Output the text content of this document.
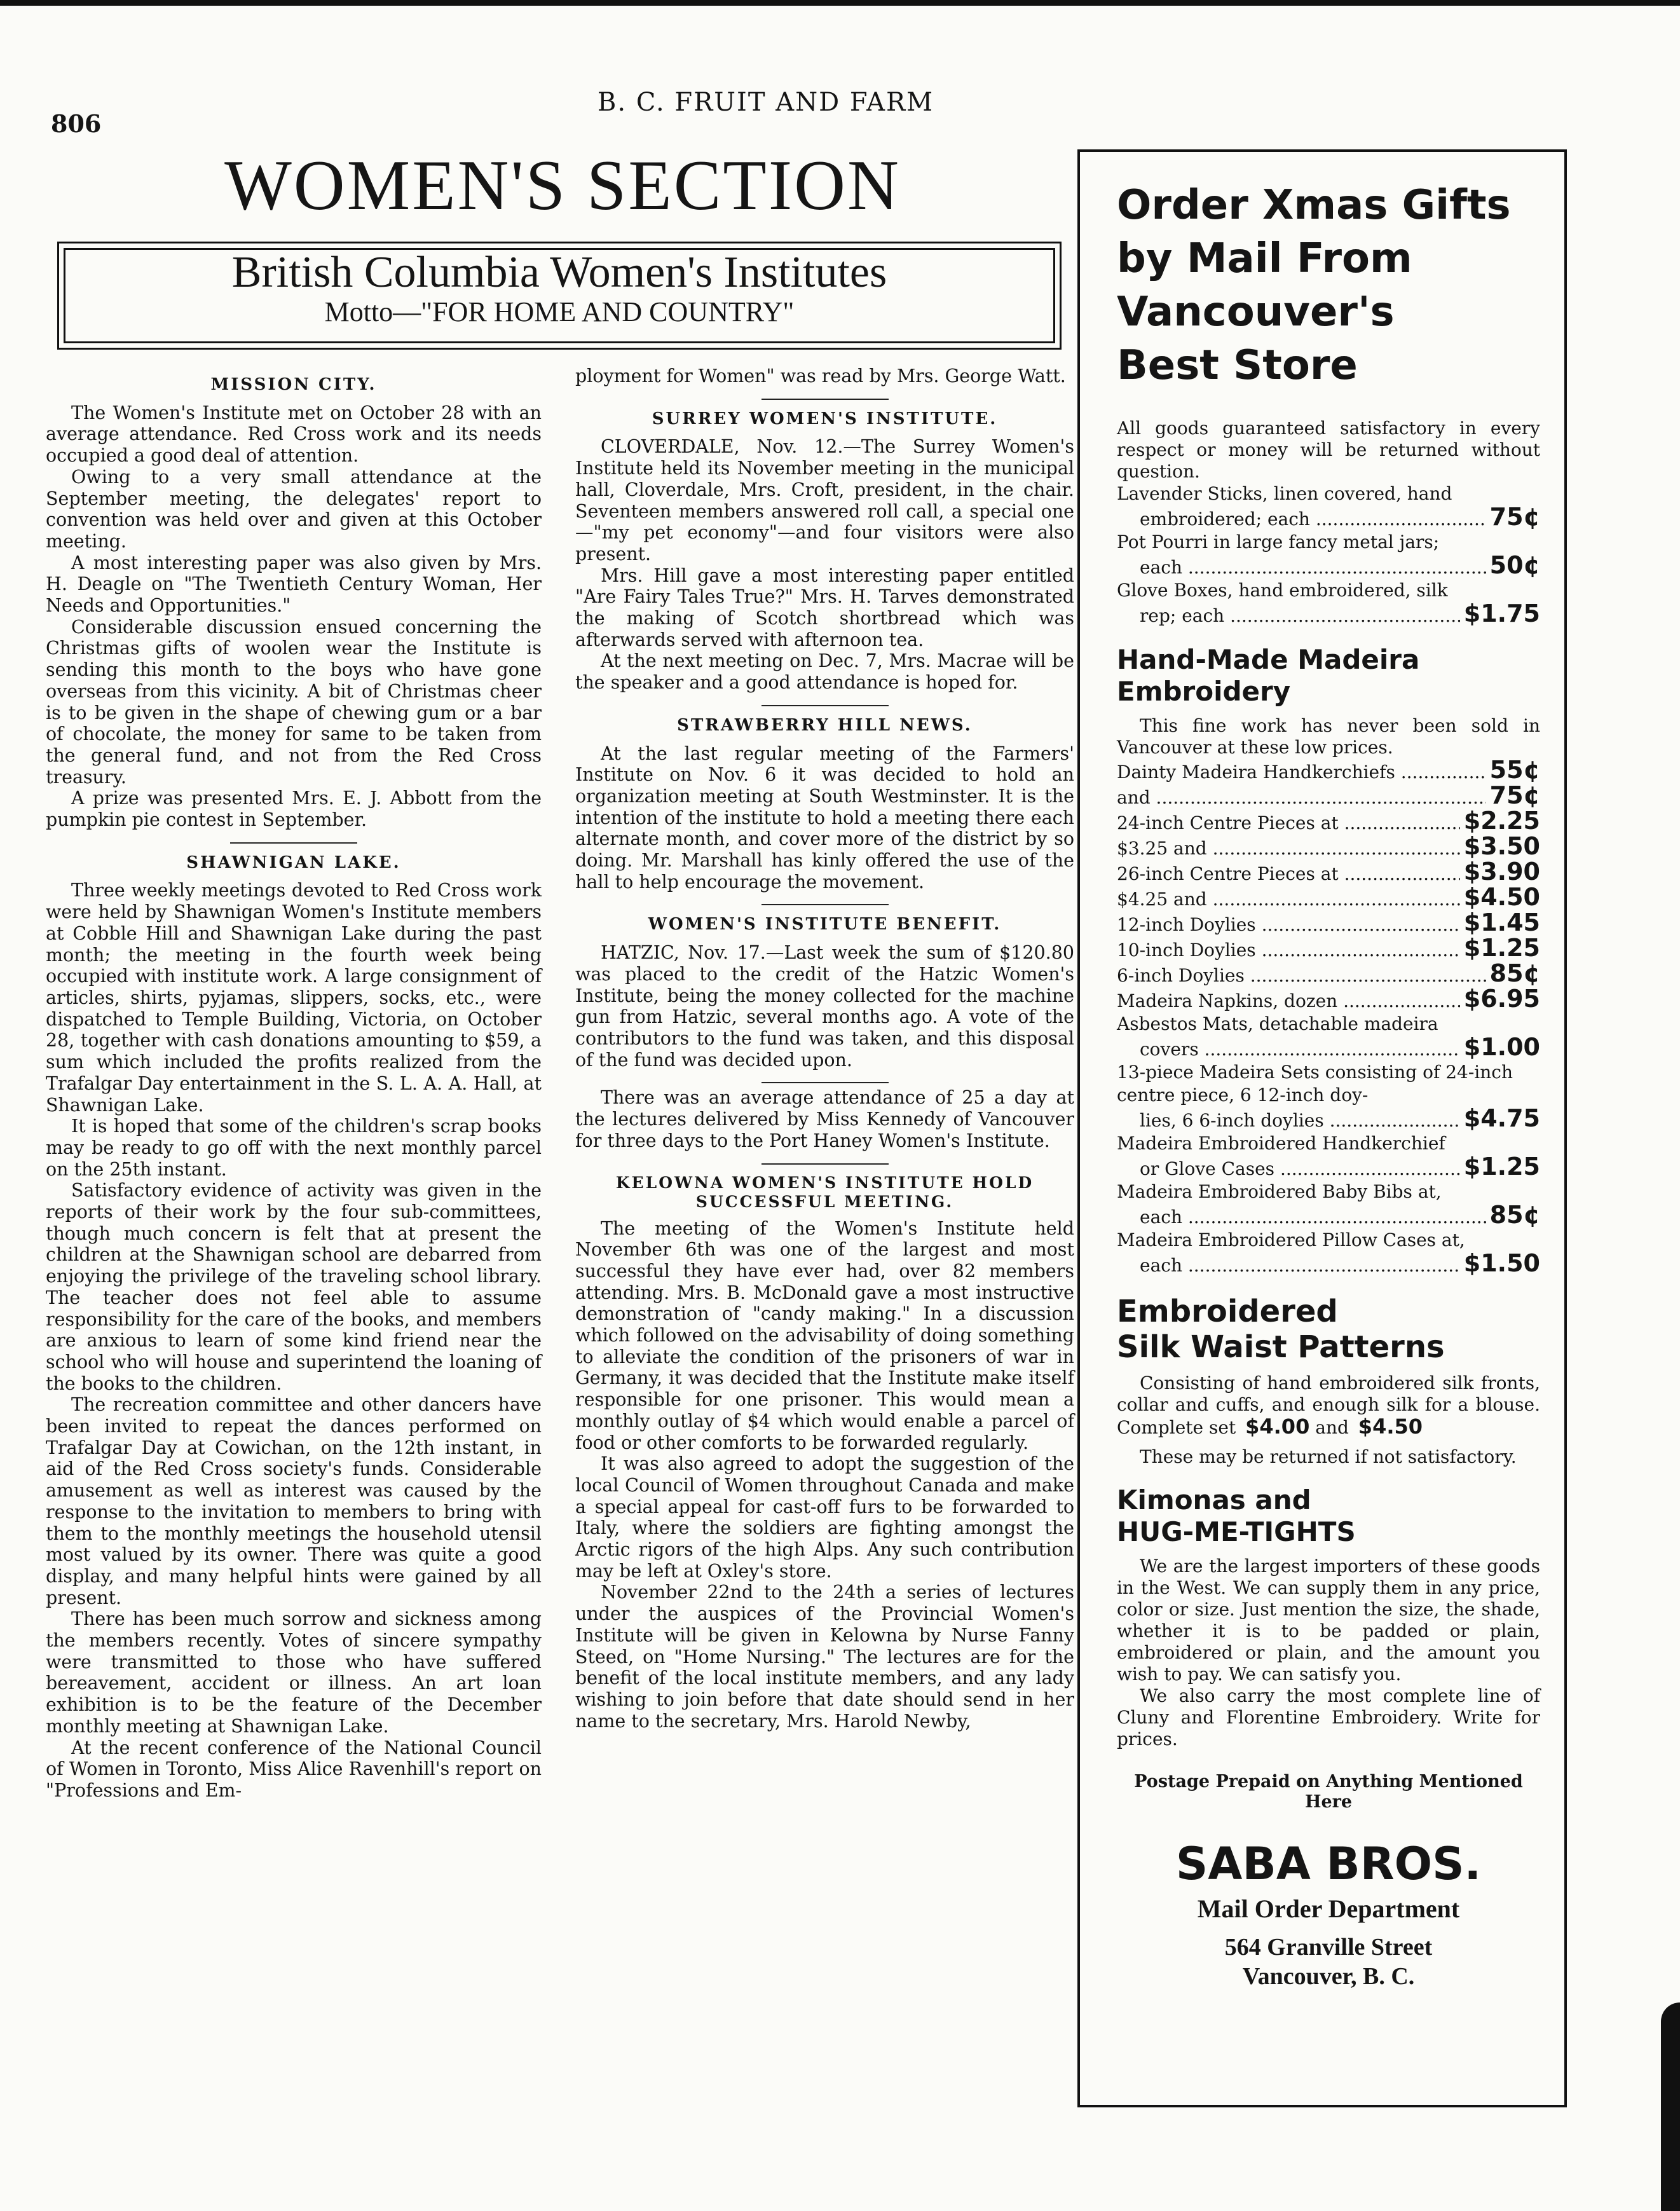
806
B. C. FRUIT AND FARM
WOMEN'S SECTION
British Columbia Women's Institutes
Motto—"FOR HOME AND COUNTRY"
MISSION CITY.

The Women's Institute met on October 28 with an average attendance. Red Cross work and its needs occupied a good deal of attention.

Owing to a very small attendance at the September meeting, the delegates' report to convention was held over and given at this October meeting.

A most interesting paper was also given by Mrs. H. Deagle on "The Twentieth Century Woman, Her Needs and Opportunities."

Considerable discussion ensued concerning the Christmas gifts of woolen wear the Institute is sending this month to the boys who have gone overseas from this vicinity. A bit of Christmas cheer is to be given in the shape of chewing gum or a bar of chocolate, the money for same to be taken from the general fund, and not from the Red Cross treasury.

A prize was presented Mrs. E. J. Abbott from the pumpkin pie contest in September.

SHAWNIGAN LAKE.

Three weekly meetings devoted to Red Cross work were held by Shawnigan Women's Institute members at Cobble Hill and Shawnigan Lake during the past month; the meeting in the fourth week being occupied with institute work. A large consignment of articles, shirts, pyjamas, slippers, socks, etc., were dispatched to Temple Building, Victoria, on October 28, together with cash donations amounting to $59, a sum which included the profits realized from the Trafalgar Day entertainment in the S. L. A. A. Hall, at Shawnigan Lake.

It is hoped that some of the children's scrap books may be ready to go off with the next monthly parcel on the 25th instant.

Satisfactory evidence of activity was given in the reports of their work by the four sub-committees, though much concern is felt that at present the children at the Shawnigan school are debarred from enjoying the privilege of the traveling school library. The teacher does not feel able to assume responsibility for the care of the books, and members are anxious to learn of some kind friend near the school who will house and superintend the loaning of the books to the children.

The recreation committee and other dancers have been invited to repeat the dances performed on Trafalgar Day at Cowichan, on the 12th instant, in aid of the Red Cross society's funds. Considerable amusement as well as interest was caused by the response to the invitation to members to bring with them to the monthly meetings the household utensil most valued by its owner. There was quite a good display, and many helpful hints were gained by all present.

There has been much sorrow and sickness among the members recently. Votes of sincere sympathy were transmitted to those who have suffered bereavement, accident or illness. An art loan exhibition is to be the feature of the December monthly meeting at Shawnigan Lake.

At the recent conference of the National Council of Women in Toronto, Miss Alice Ravenhill's report on "Professions and Em-

ployment for Women" was read by Mrs. George Watt.

SURREY WOMEN'S INSTITUTE.

CLOVERDALE, Nov. 12.—The Surrey Women's Institute held its November meeting in the municipal hall, Cloverdale, Mrs. Croft, president, in the chair. Seventeen members answered roll call, a special one —"my pet economy"—and four visitors were also present.

Mrs. Hill gave a most interesting paper entitled "Are Fairy Tales True?" Mrs. H. Tarves demonstrated the making of Scotch shortbread which was afterwards served with afternoon tea.

At the next meeting on Dec. 7, Mrs. Macrae will be the speaker and a good attendance is hoped for.

STRAWBERRY HILL NEWS.

At the last regular meeting of the Farmers' Institute on Nov. 6 it was decided to hold an organization meeting at South Westminster. It is the intention of the institute to hold a meeting there each alternate month, and cover more of the district by so doing. Mr. Marshall has kinly offered the use of the hall to help encourage the movement.

WOMEN'S INSTITUTE BENEFIT.

HATZIC, Nov. 17.—Last week the sum of $120.80 was placed to the credit of the Hatzic Women's Institute, being the money collected for the machine gun from Hatzic, several months ago. A vote of the contributors to the fund was taken, and this disposal of the fund was decided upon.

There was an average attendance of 25 a day at the lectures delivered by Miss Kennedy of Vancouver for three days to the Port Haney Women's Institute.

KELOWNA WOMEN'S INSTITUTE HOLD SUCCESSFUL MEETING.

The meeting of the Women's Institute held November 6th was one of the largest and most successful they have ever had, over 82 members attending. Mrs. B. McDonald gave a most instructive demonstration of "candy making." In a discussion which followed on the advisability of doing something to alleviate the condition of the prisoners of war in Germany, it was decided that the Institute make itself responsible for one prisoner. This would mean a monthly outlay of $4 which would enable a parcel of food or other comforts to be forwarded regularly.

It was also agreed to adopt the suggestion of the local Council of Women throughout Canada and make a special appeal for cast-off furs to be forwarded to Italy, where the soldiers are fighting amongst the Arctic rigors of the high Alps. Any such contribution may be left at Oxley's store.

November 22nd to the 24th a series of lectures under the auspices of the Provincial Women's Institute will be given in Kelowna by Nurse Fanny Steed, on "Home Nursing." The lectures are for the benefit of the local institute members, and any lady wishing to join before that date should send in her name to the secretary, Mrs. Harold Newby,

Order Xmas Gifts
by Mail From
Vancouver's
Best Store
All goods guaranteed satisfactory in every respect or money will be returned without question.
Lavender Sticks, linen covered, hand
embroidered; each .....	75¢
Pot Pourri in large fancy metal jars;
each .....	50¢
Glove Boxes, hand embroidered, silk
rep; each .....	$1.75
Hand-Made Madeira
Embroidery
This fine work has never been sold in Vancouver at these low prices.
Dainty Madeira Handkerchiefs .....	55¢
and .....	75¢
24-inch Centre Pieces at .....	$2.25
$3.25 and .....	$3.50
26-inch Centre Pieces at .....	$3.90
$4.25 and .....	$4.50
12-inch Doylies .....	$1.45
10-inch Doylies .....	$1.25
6-inch Doylies .....	85¢
Madeira Napkins, dozen .....	$6.95
Asbestos Mats, detachable madeira
covers .....	$1.00
13-piece Madeira Sets consisting of 24-inch centre piece, 6 12-inch doy-
lies, 6 6-inch doylies .....	$4.75
Madeira Embroidered Handkerchief
or Glove Cases .....	$1.25
Madeira Embroidered Baby Bibs at,
each .....	85¢
Madeira Embroidered Pillow Cases at,
each .....	$1.50
Embroidered
Silk Waist Patterns
Consisting of hand embroidered silk fronts, collar and cuffs, and enough silk for a blouse. Complete set $4.00 and $4.50
These may be returned if not satisfactory.
Kimonas and
HUG-ME-TIGHTS
We are the largest importers of these goods in the West. We can supply them in any price, color or size. Just mention the size, the shade, whether it is to be padded or plain, embroidered or plain, and the amount you wish to pay. We can satisfy you.
We also carry the most complete line of Cluny and Florentine Embroidery. Write for prices.
Postage Prepaid on Anything Mentioned Here
SABA BROS.
Mail Order Department
564 Granville Street
Vancouver, B. C.
